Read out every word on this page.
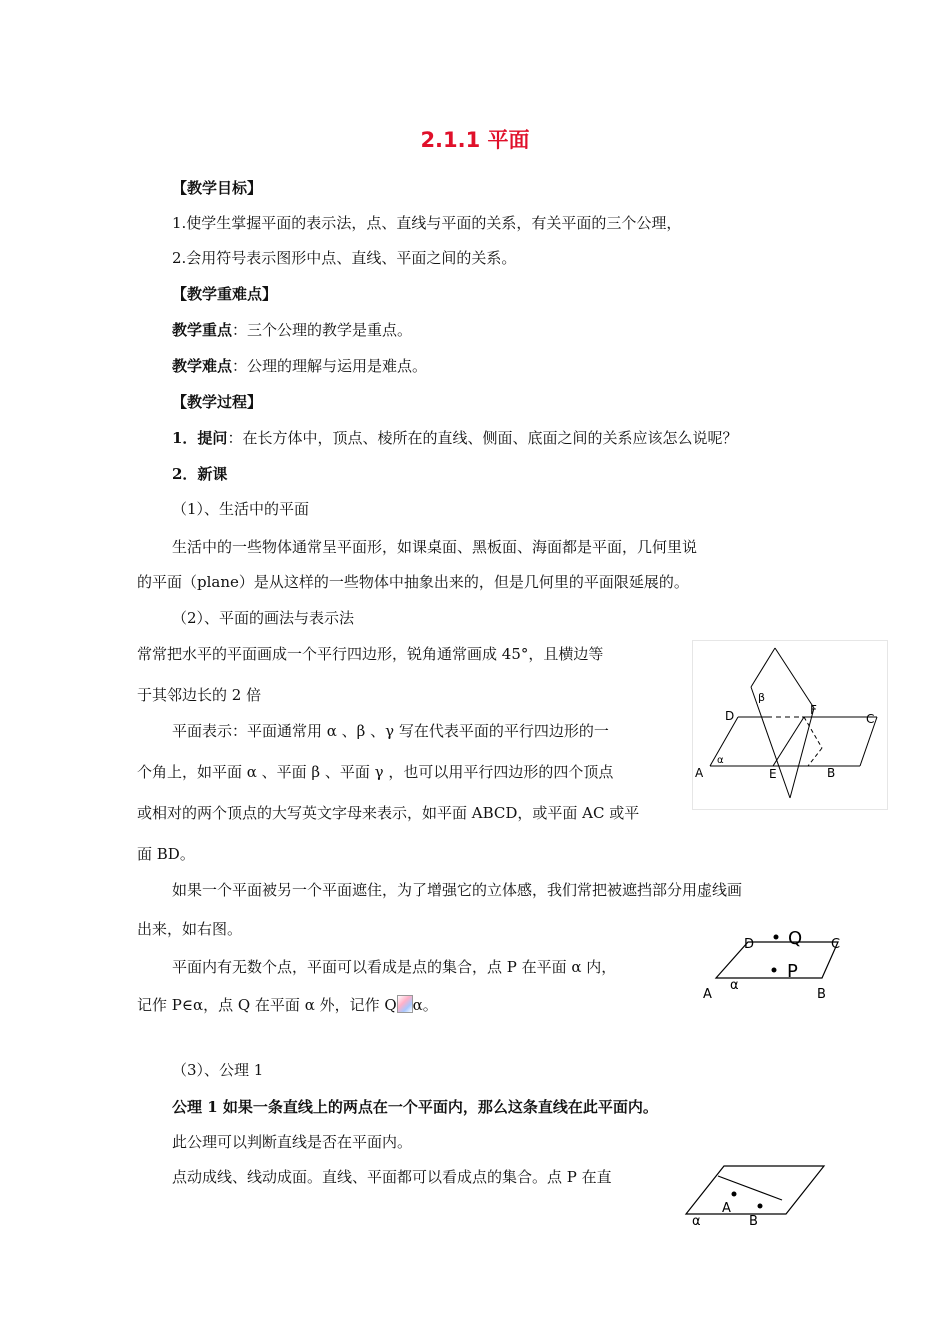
2.1.1 平面
【教学目标】
1.使学生掌握平面的表示法，点、直线与平面的关系，有关平面的三个公理，
2.会用符号表示图形中点、直线、平面之间的关系。
【教学重难点】
教学重点：三个公理的教学是重点。
教学难点：公理的理解与运用是难点。
【教学过程】
1．提问：在长方体中，顶点、棱所在的直线、侧面、底面之间的关系应该怎么说呢？
2．新课
（1）、生活中的平面
生活中的一些物体通常呈平面形，如课桌面、黑板面、海面都是平面，几何里说
的平面（plane）是从这样的一些物体中抽象出来的，但是几何里的平面限延展的。
（2）、平面的画法与表示法
常常把水平的平面画成一个平行四边形，锐角通常画成 45°，且横边等
于其邻边长的 2 倍
平面表示：平面通常用 α 、β 、γ 写在代表平面的平行四边形的一
个角上，如平面 α 、平面 β 、平面 γ ，也可以用平行四边形的四个顶点
或相对的两个顶点的大写英文字母来表示，如平面 ABCD，或平面 AC 或平
面 BD。
如果一个平面被另一个平面遮住，为了增强它的立体感，我们常把被遮挡部分用虚线画
出来，如右图。
平面内有无数个点，平面可以看成是点的集合，点 P 在平面 α 内，
记作 P∈α，点 Q 在平面 α 外，记作 Q α。
（3）、公理 1
公理 1 如果一条直线上的两点在一个平面内，那么这条直线在此平面内。
此公理可以判断直线是否在平面内。
点动成线、线动成面。直线、平面都可以看成点的集合。点 P 在直
D	F
C
A	E	B
β
α
Q
P
D	C
A
α
B
A
B
α
